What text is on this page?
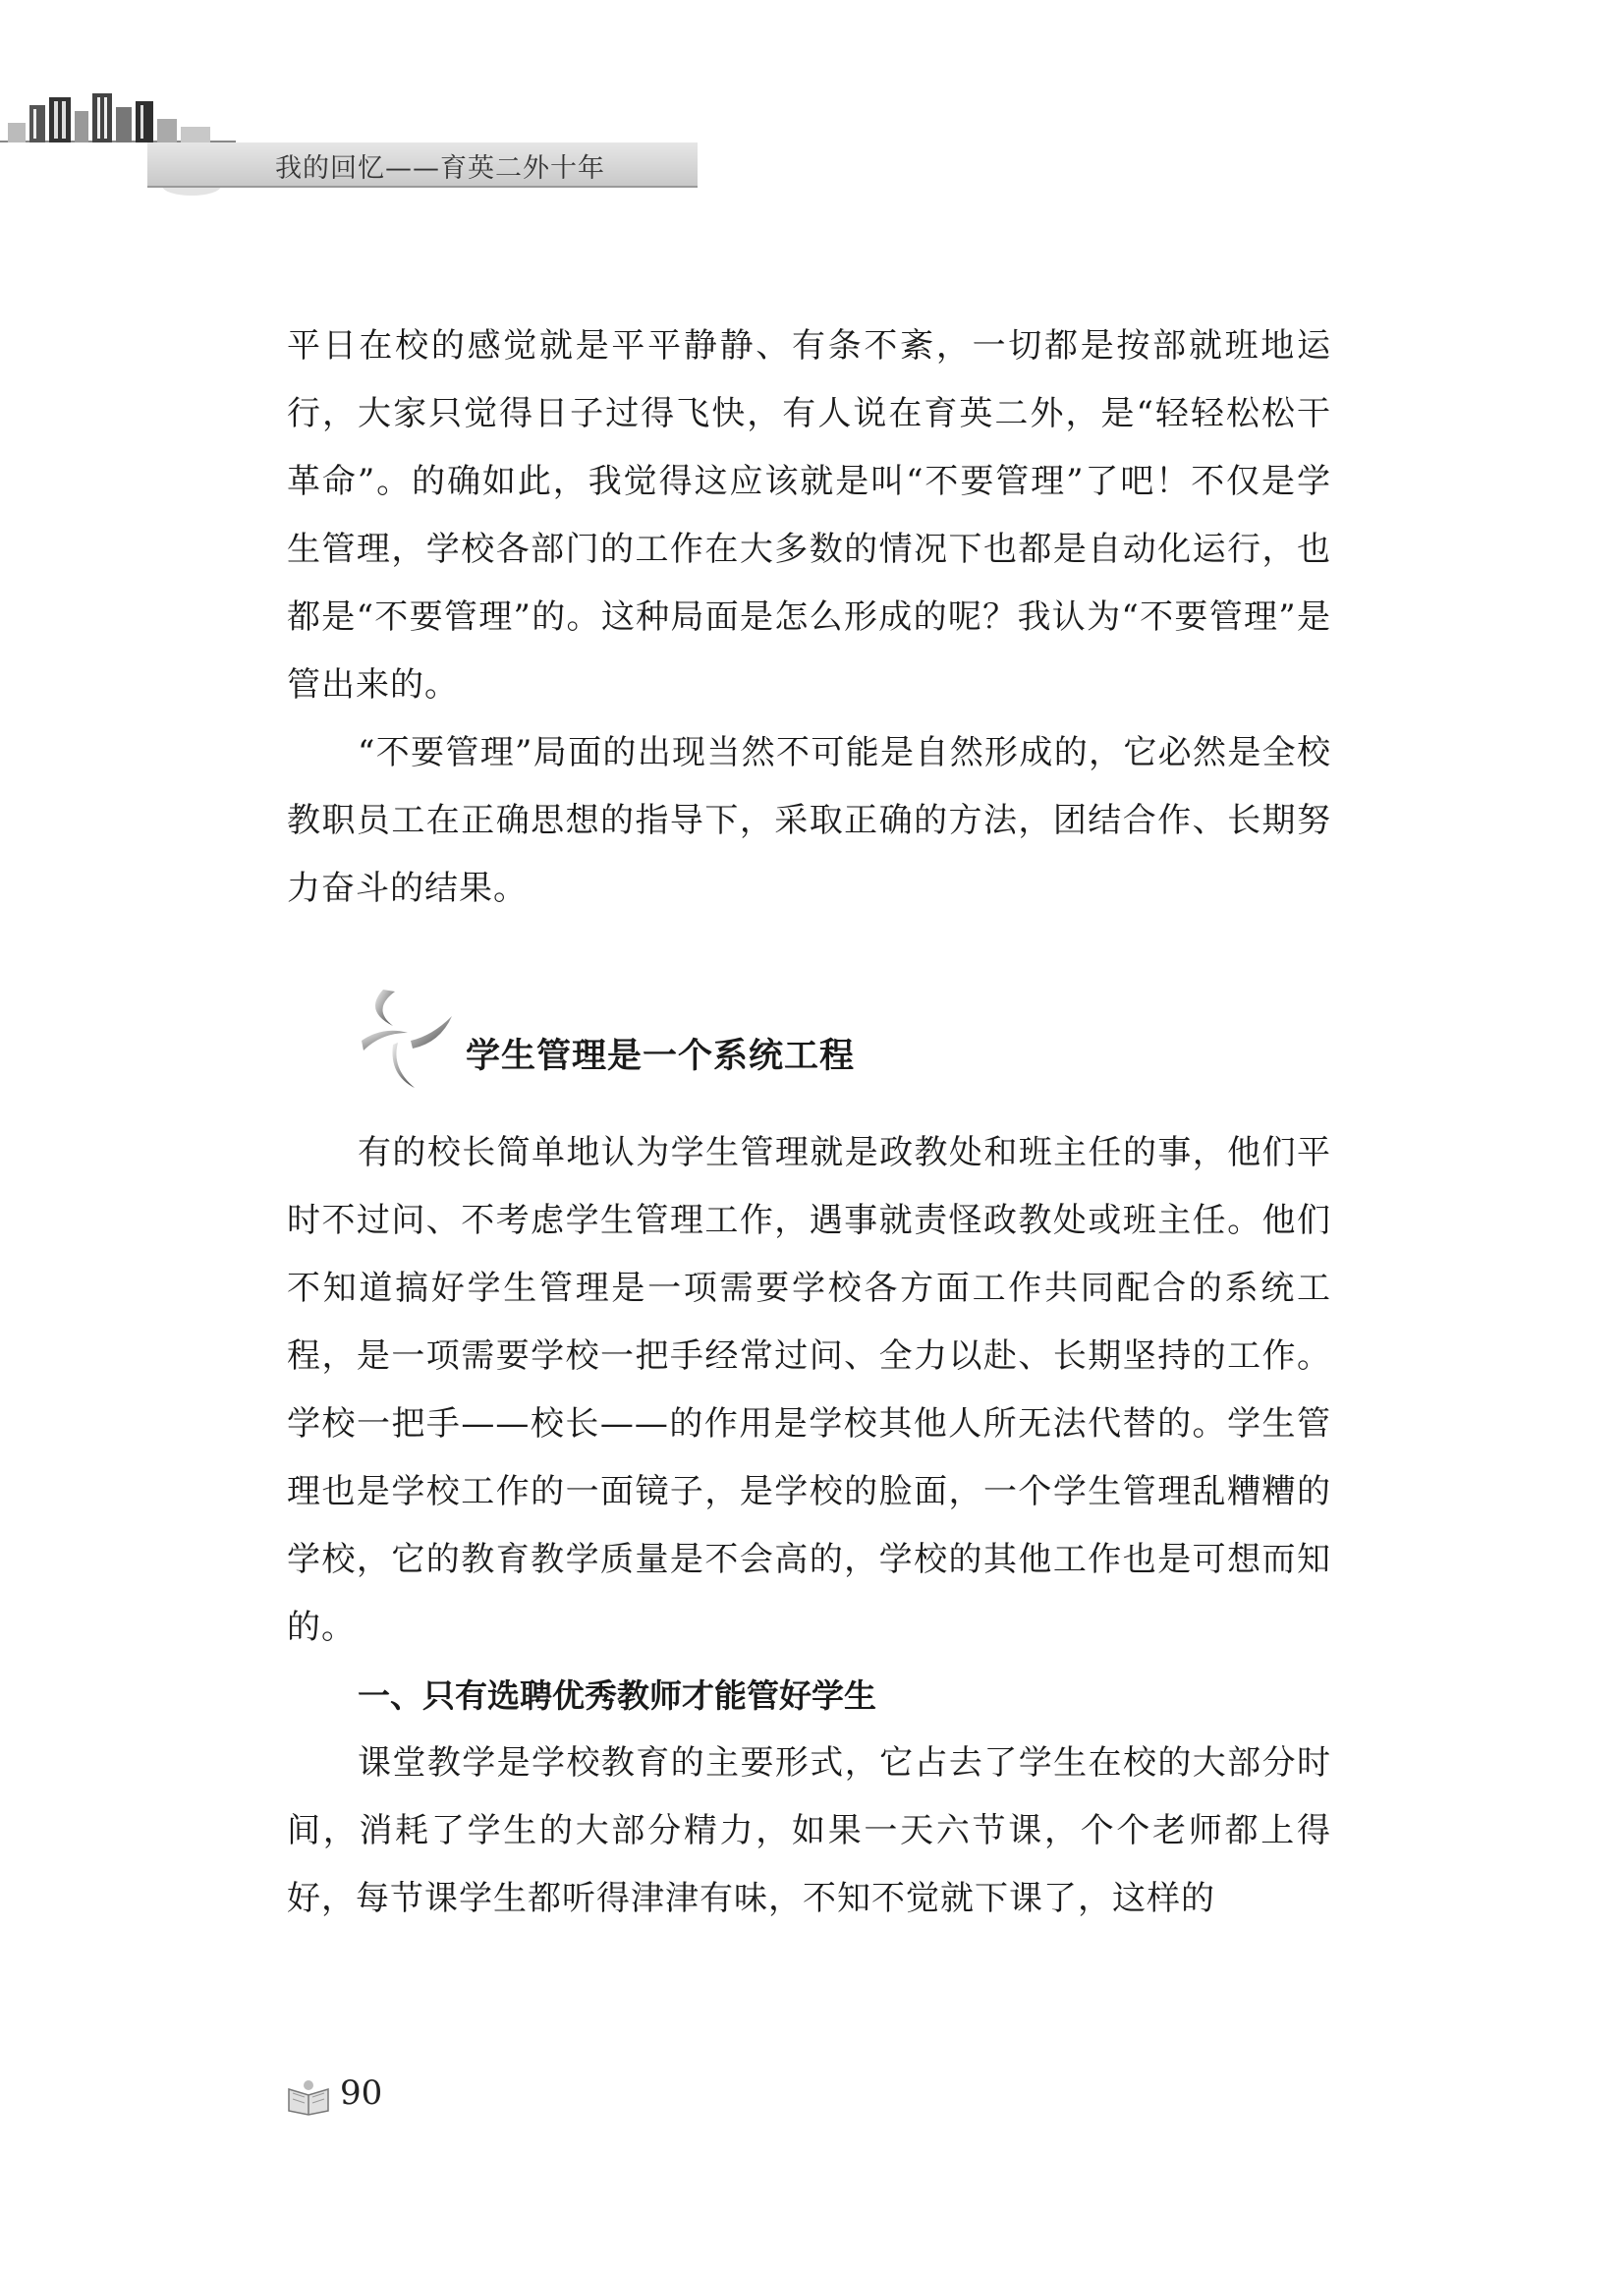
我的回忆——育英二外十年

平日在校的感觉就是平平静静、有条不紊，一切都是按部就班地运行，大家只觉得日子过得飞快，有人说在育英二外，是“轻轻松松干革命”。的确如此，我觉得这应该就是叫“不要管理”了吧！不仅是学生管理，学校各部门的工作在大多数的情况下也都是自动化运行，也都是“不要管理”的。这种局面是怎么形成的呢？我认为“不要管理”是管出来的。

“不要管理”局面的出现当然不可能是自然形成的，它必然是全校教职员工在正确思想的指导下，采取正确的方法，团结合作、长期努力奋斗的结果。

学生管理是一个系统工程

有的校长简单地认为学生管理就是政教处和班主任的事，他们平时不过问、不考虑学生管理工作，遇事就责怪政教处或班主任。他们不知道搞好学生管理是一项需要学校各方面工作共同配合的系统工程，是一项需要学校一把手经常过问、全力以赴、长期坚持的工作。学校一把手——校长——的作用是学校其他人所无法代替的。学生管理也是学校工作的一面镜子，是学校的脸面，一个学生管理乱糟糟的学校，它的教育教学质量是不会高的，学校的其他工作也是可想而知的。

一、只有选聘优秀教师才能管好学生

课堂教学是学校教育的主要形式，它占去了学生在校的大部分时间，消耗了学生的大部分精力，如果一天六节课，个个老师都上得好，每节课学生都听得津津有味，不知不觉就下课了，这样的

90
